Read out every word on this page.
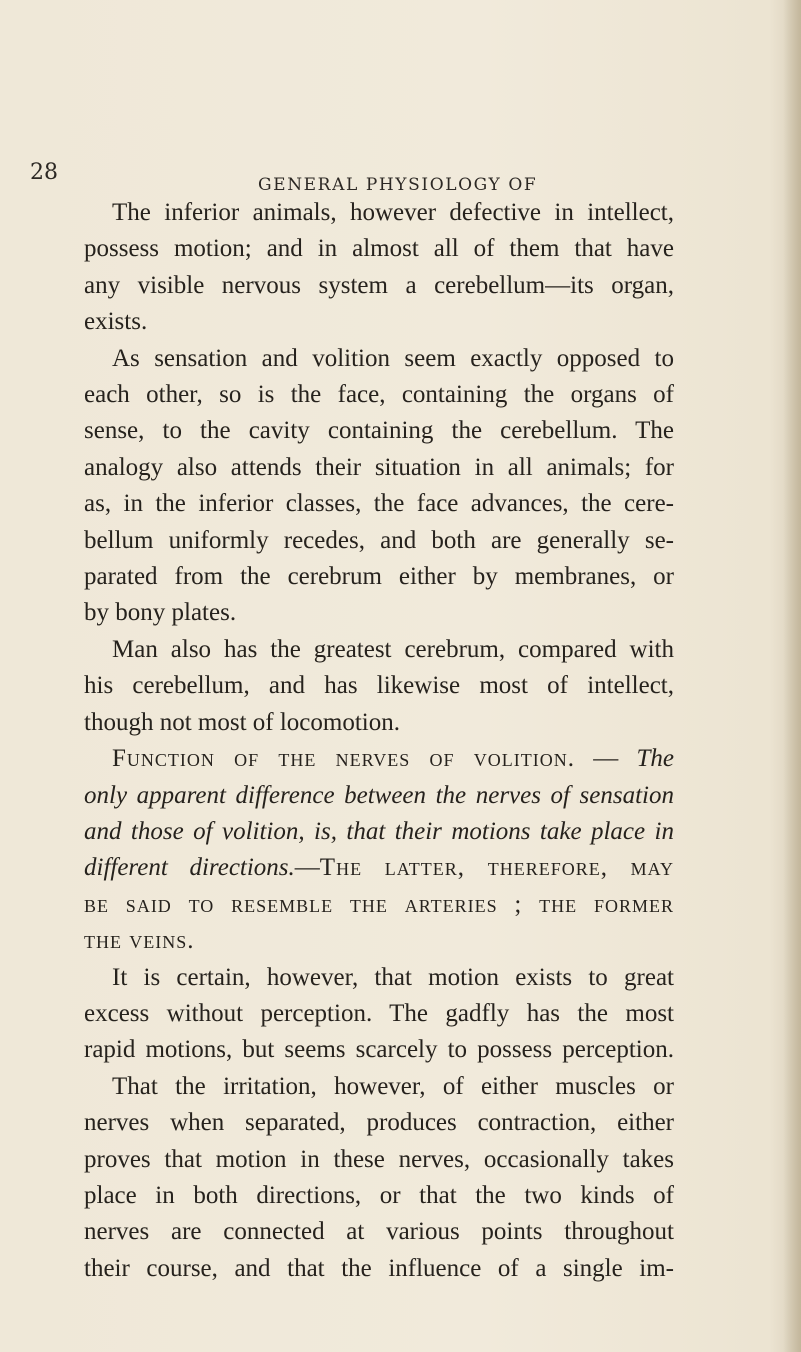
28	GENERAL PHYSIOLOGY OF

The inferior animals, however defective in intellect,
possess motion; and in almost all of them that have
any visible nervous system a cerebellum—its organ,
exists.

As sensation and volition seem exactly opposed to
each other, so is the face, containing the organs of
sense, to the cavity containing the cerebellum. The
analogy also attends their situation in all animals; for
as, in the inferior classes, the face advances, the cere-
bellum uniformly recedes, and both are generally se-
parated from the cerebrum either by membranes, or
by bony plates.

Man also has the greatest cerebrum, compared with
his cerebellum, and has likewise most of intellect,
though not most of locomotion.

Function of the nerves of volition. — The
only apparent difference between the nerves of sensation
and those of volition, is, that their motions take place in
different directions.—The latter, therefore, may
be said to resemble the arteries ; the former
the veins.

It is certain, however, that motion exists to great
excess without perception. The gadfly has the most
rapid motions, but seems scarcely to possess perception.
That the irritation, however, of either muscles or
nerves when separated, produces contraction, either
proves that motion in these nerves, occasionally takes
place in both directions, or that the two kinds of
nerves are connected at various points throughout
their course, and that the influence of a single im-
